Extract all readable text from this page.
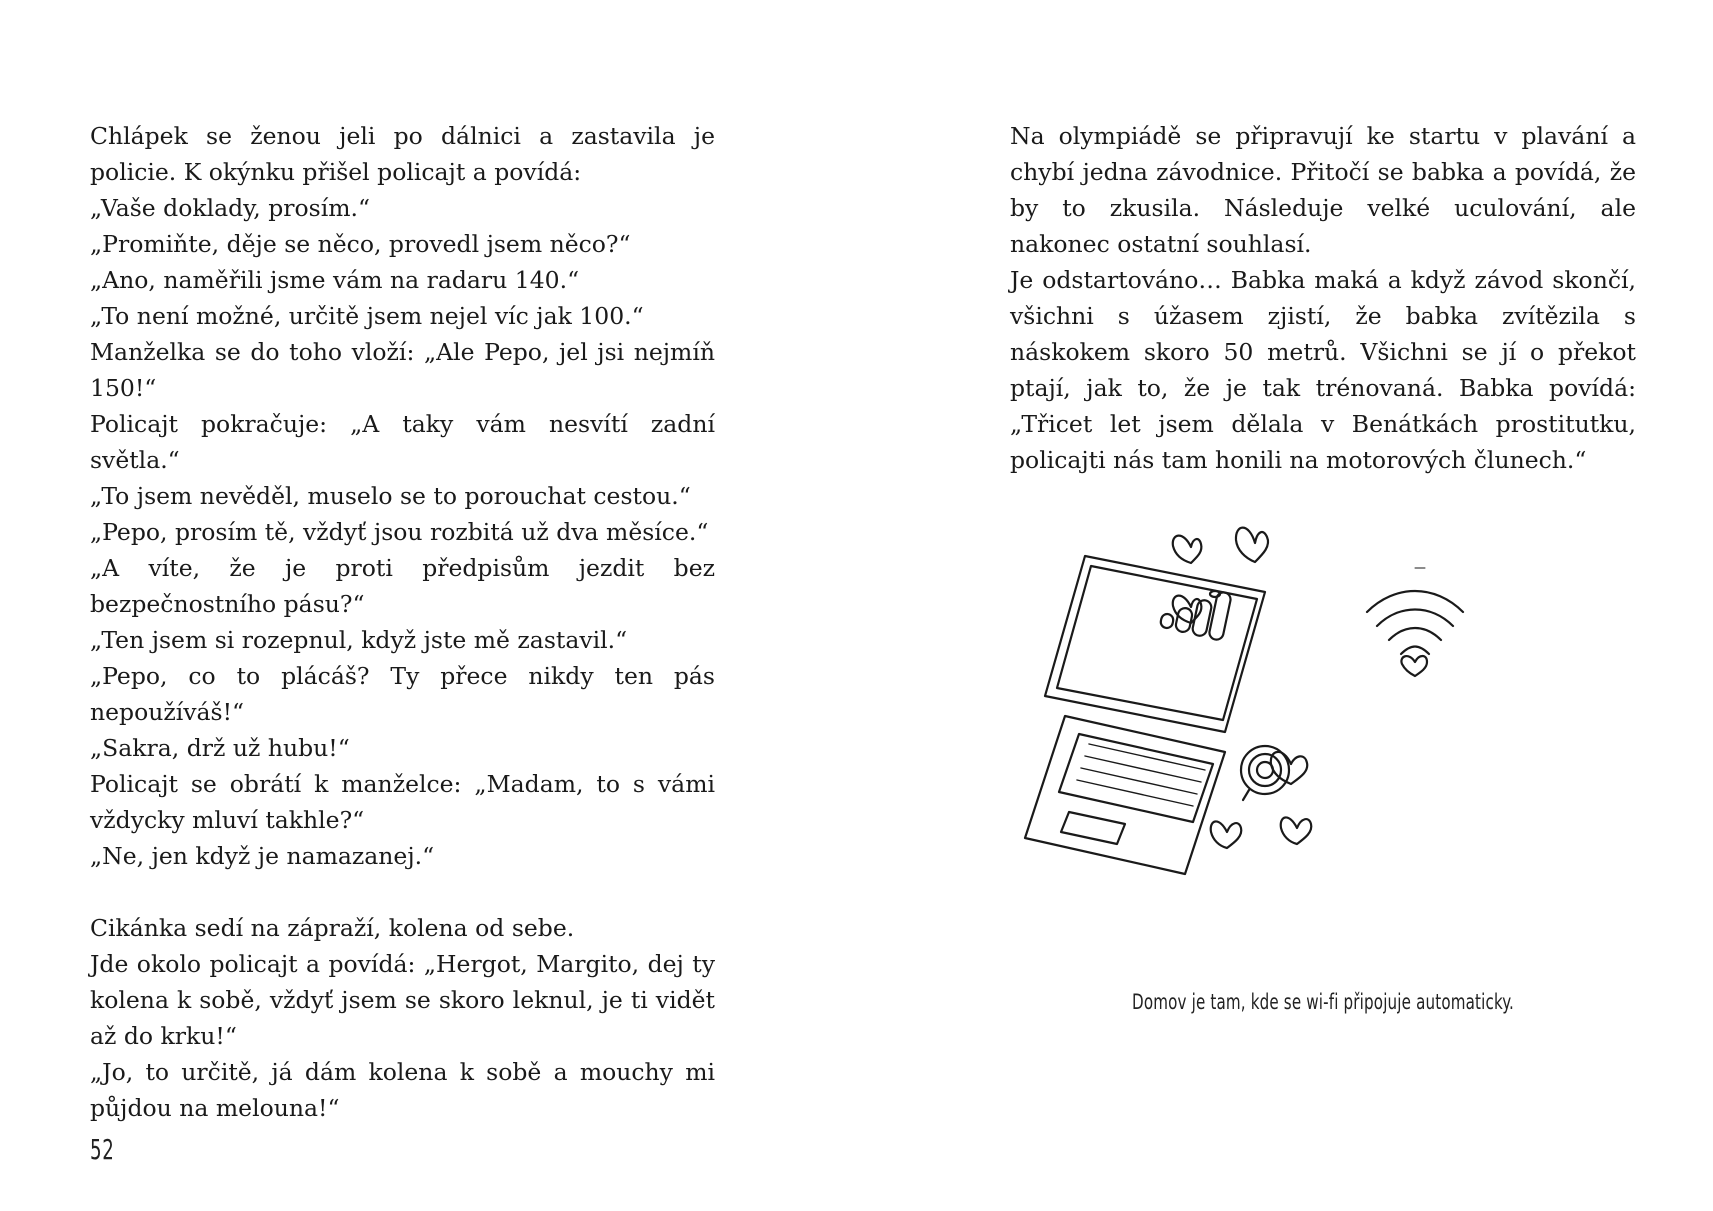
Chlápek se ženou jeli po dálnici a zastavila je policie. K okýnku přišel policajt a povídá:

„Vaše doklady, prosím.“

„Promiňte, děje se něco, provedl jsem něco?“

„Ano, naměřili jsme vám na radaru 140.“

„To není možné, určitě jsem nejel víc jak 100.“

Manželka se do toho vloží: „Ale Pepo, jel jsi nejmíň 150!“

Policajt pokračuje: „A taky vám nesvítí zadní světla.“

„To jsem nevěděl, muselo se to porouchat cestou.“

„Pepo, prosím tě, vždyť jsou rozbitá už dva měsíce.“

„A víte, že je proti předpisům jezdit bez bezpečnostního pásu?“

„Ten jsem si rozepnul, když jste mě zastavil.“

„Pepo, co to plácáš? Ty přece nikdy ten pás nepoužíváš!“

„Sakra, drž už hubu!“

Policajt se obrátí k manželce: „Madam, to s vámi vždycky mluví takhle?“

„Ne, jen když je namazanej.“

Cikánka sedí na zápraží, kolena od sebe.

Jde okolo policajt a povídá: „Hergot, Margito, dej ty kolena k sobě, vždyť jsem se skoro leknul, je ti vidět až do krku!“

„Jo, to určitě, já dám kolena k sobě a mouchy mi půjdou na melouna!“

52

Na olympiádě se připravují ke startu v plavání a chybí jedna závodnice. Přitočí se babka a povídá, že by to zkusila. Následuje velké uculování, ale nakonec ostatní souhlasí.

Je odstartováno… Babka maká a když závod skončí, všichni s úžasem zjistí, že babka zvítězila s náskokem skoro 50 metrů. Všichni se jí o překot ptají, jak to, že je tak trénovaná. Babka povídá: „Třicet let jsem dělala v Benátkách prostitutku, policajti nás tam honili na motorových člunech.“

Domov je tam, kde se wi-fi připojuje automaticky.
